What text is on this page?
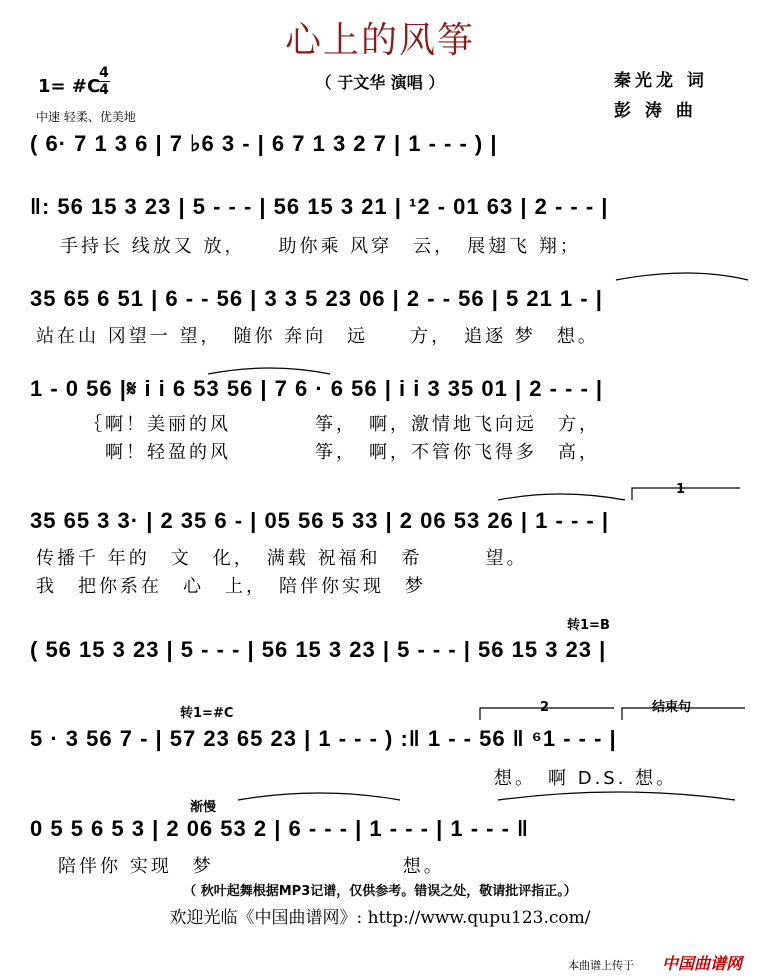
心上的风筝
（ 于文华 演唱 ）	秦光龙 词
彭 涛 曲
1= #C
4
4
中速 轻柔、优美地
( 6· 7 1 3 6 | 7 ♭6 3 - | 6 7 1 3 2 7 | 1 - - - ) |
‖: 56 15 3 23 | 5 - - - | 56 15 3 21 | ¹2 - 01 63 | 2 - - - |
手持长 线放又 放，　　助你乘 风穿　云，　展翅飞 翔；
35 65 6 51 | 6 - - 56 | 3 3 5 23 06 | 2 - - 56 | 5 21 1 - |
站在山 冈望一 望，　随你 奔向　远　　方，　追逐 梦　想。
1 - 0 56 |𝄋 i i 6 53 56 | 7 6 · 6 56 | i i 3 35 01 | 2 - - - |
｛啊！美丽的风　　　　筝，　啊，激情地飞向远　方，
　啊！轻盈的风　　　　筝，　啊，不管你飞得多　高，
1
35 65 3 3· | 2 35 6 - | 05 56 5 33 | 2 06 53 26 | 1 - - - |
传播千 年的　文　化，　满载 祝福和　希　　　望。
我　把你系在　心　上，　陪伴你实现　梦
转1=B
( 56 15 3 23 | 5 - - - | 56 15 3 23 | 5 - - - | 56 15 3 23 |
转1=#C	2	结束句
5 · 3 56 7 - | 57 23 65 23 | 1 - - - ) :‖ 1 - - 56 ‖ ⁶1 - - - |
想。　啊 D.S. 想。
渐慢
0 5 5 6 5 3 | 2 06 53 2 | 6 - - - | 1 - - - | 1 - - - ‖
陪伴你 实现　梦　　　　　　　　　想。
（ 秋叶起舞根据MP3记谱，仅供参考。错误之处，敬请批评指正。）
欢迎光临《中国曲谱网》: http://www.qupu123.com/
本曲谱上传于 中国曲谱网
